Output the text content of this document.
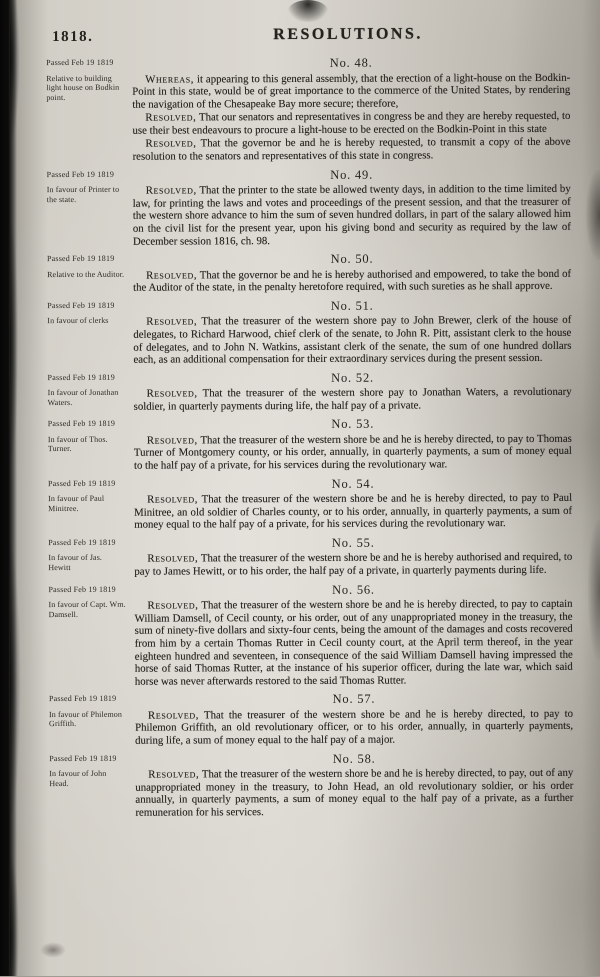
1818.	RESOLUTIONS.
Passed Feb 19 1819
Relative to building light house on Bodkin point.
No. 48.

Whereas, it appearing to this general assembly, that the erection of a light-house on the Bodkin-Point in this state, would be of great importance to the commerce of the United States, by rendering the navigation of the Chesapeake Bay more secure; therefore,

Resolved, That our senators and representatives in congress be and they are hereby requested, to use their best endeavours to procure a light-house to be erected on the Bodkin-Point in this state

Resolved, That the governor be and he is hereby requested, to transmit a copy of the above resolution to the senators and representatives of this state in congress.

Passed Feb 19 1819
In favour of Printer to the state.
No. 49.

Resolved, That the printer to the state be allowed twenty days, in addition to the time limited by law, for printing the laws and votes and proceedings of the present session, and that the treasurer of the western shore advance to him the sum of seven hundred dollars, in part of the salary allowed him on the civil list for the present year, upon his giving bond and security as required by the law of December session 1816, ch. 98.

Passed Feb 19 1819
Relative to the Auditor.
No. 50.

Resolved, That the governor be and he is hereby authorised and empowered, to take the bond of the Auditor of the state, in the penalty heretofore required, with such sureties as he shall approve.

Passed Feb 19 1819
In favour of clerks
No. 51.

Resolved, That the treasurer of the western shore pay to John Brewer, clerk of the house of delegates, to Richard Harwood, chief clerk of the senate, to John R. Pitt, assistant clerk to the house of delegates, and to John N. Watkins, assistant clerk of the senate, the sum of one hundred dollars each, as an additional compensation for their extraordinary services during the present session.

Passed Feb 19 1819
In favour of Jonathan Waters.
No. 52.

Resolved, That the treasurer of the western shore pay to Jonathan Waters, a revolutionary soldier, in quarterly payments during life, the half pay of a private.

Passed Feb 19 1819
In favour of Thos. Turner.
No. 53.

Resolved, That the treasurer of the western shore be and he is hereby directed, to pay to Thomas Turner of Montgomery county, or his order, annually, in quarterly payments, a sum of money equal to the half pay of a private, for his services during the revolutionary war.

Passed Feb 19 1819
In favour of Paul Minitree.
No. 54.

Resolved, That the treasurer of the western shore be and he is hereby directed, to pay to Paul Minitree, an old soldier of Charles county, or to his order, annually, in quarterly payments, a sum of money equal to the half pay of a private, for his services during the revolutionary war.

Passed Feb 19 1819
In favour of Jas. Hewitt
No. 55.

Resolved, That the treasurer of the western shore be and he is hereby authorised and required, to pay to James Hewitt, or to his order, the half pay of a private, in quarterly payments during life.

Passed Feb 19 1819
In favour of Capt. Wm. Damsell.
No. 56.

Resolved, That the treasurer of the western shore be and he is hereby directed, to pay to captain William Damsell, of Cecil county, or his order, out of any unappropriated money in the treasury, the sum of ninety-five dollars and sixty-four cents, being the amount of the damages and costs recovered from him by a certain Thomas Rutter in Cecil county court, at the April term thereof, in the year eighteen hundred and seventeen, in consequence of the said William Damsell having impressed the horse of said Thomas Rutter, at the instance of his superior officer, during the late war, which said horse was never afterwards restored to the said Thomas Rutter.

Passed Feb 19 1819
In favour of Philemon Griffith.
No. 57.

Resolved, That the treasurer of the western shore be and he is hereby directed, to pay to Philemon Griffith, an old revolutionary officer, or to his order, annually, in quarterly payments, during life, a sum of money equal to the half pay of a major.

Passed Feb 19 1819
In favour of John Head.
No. 58.

Resolved, That the treasurer of the western shore be and he is hereby directed, to pay, out of any unappropriated money in the treasury, to John Head, an old revolutionary soldier, or his order annually, in quarterly payments, a sum of money equal to the half pay of a private, as a further remuneration for his services.
